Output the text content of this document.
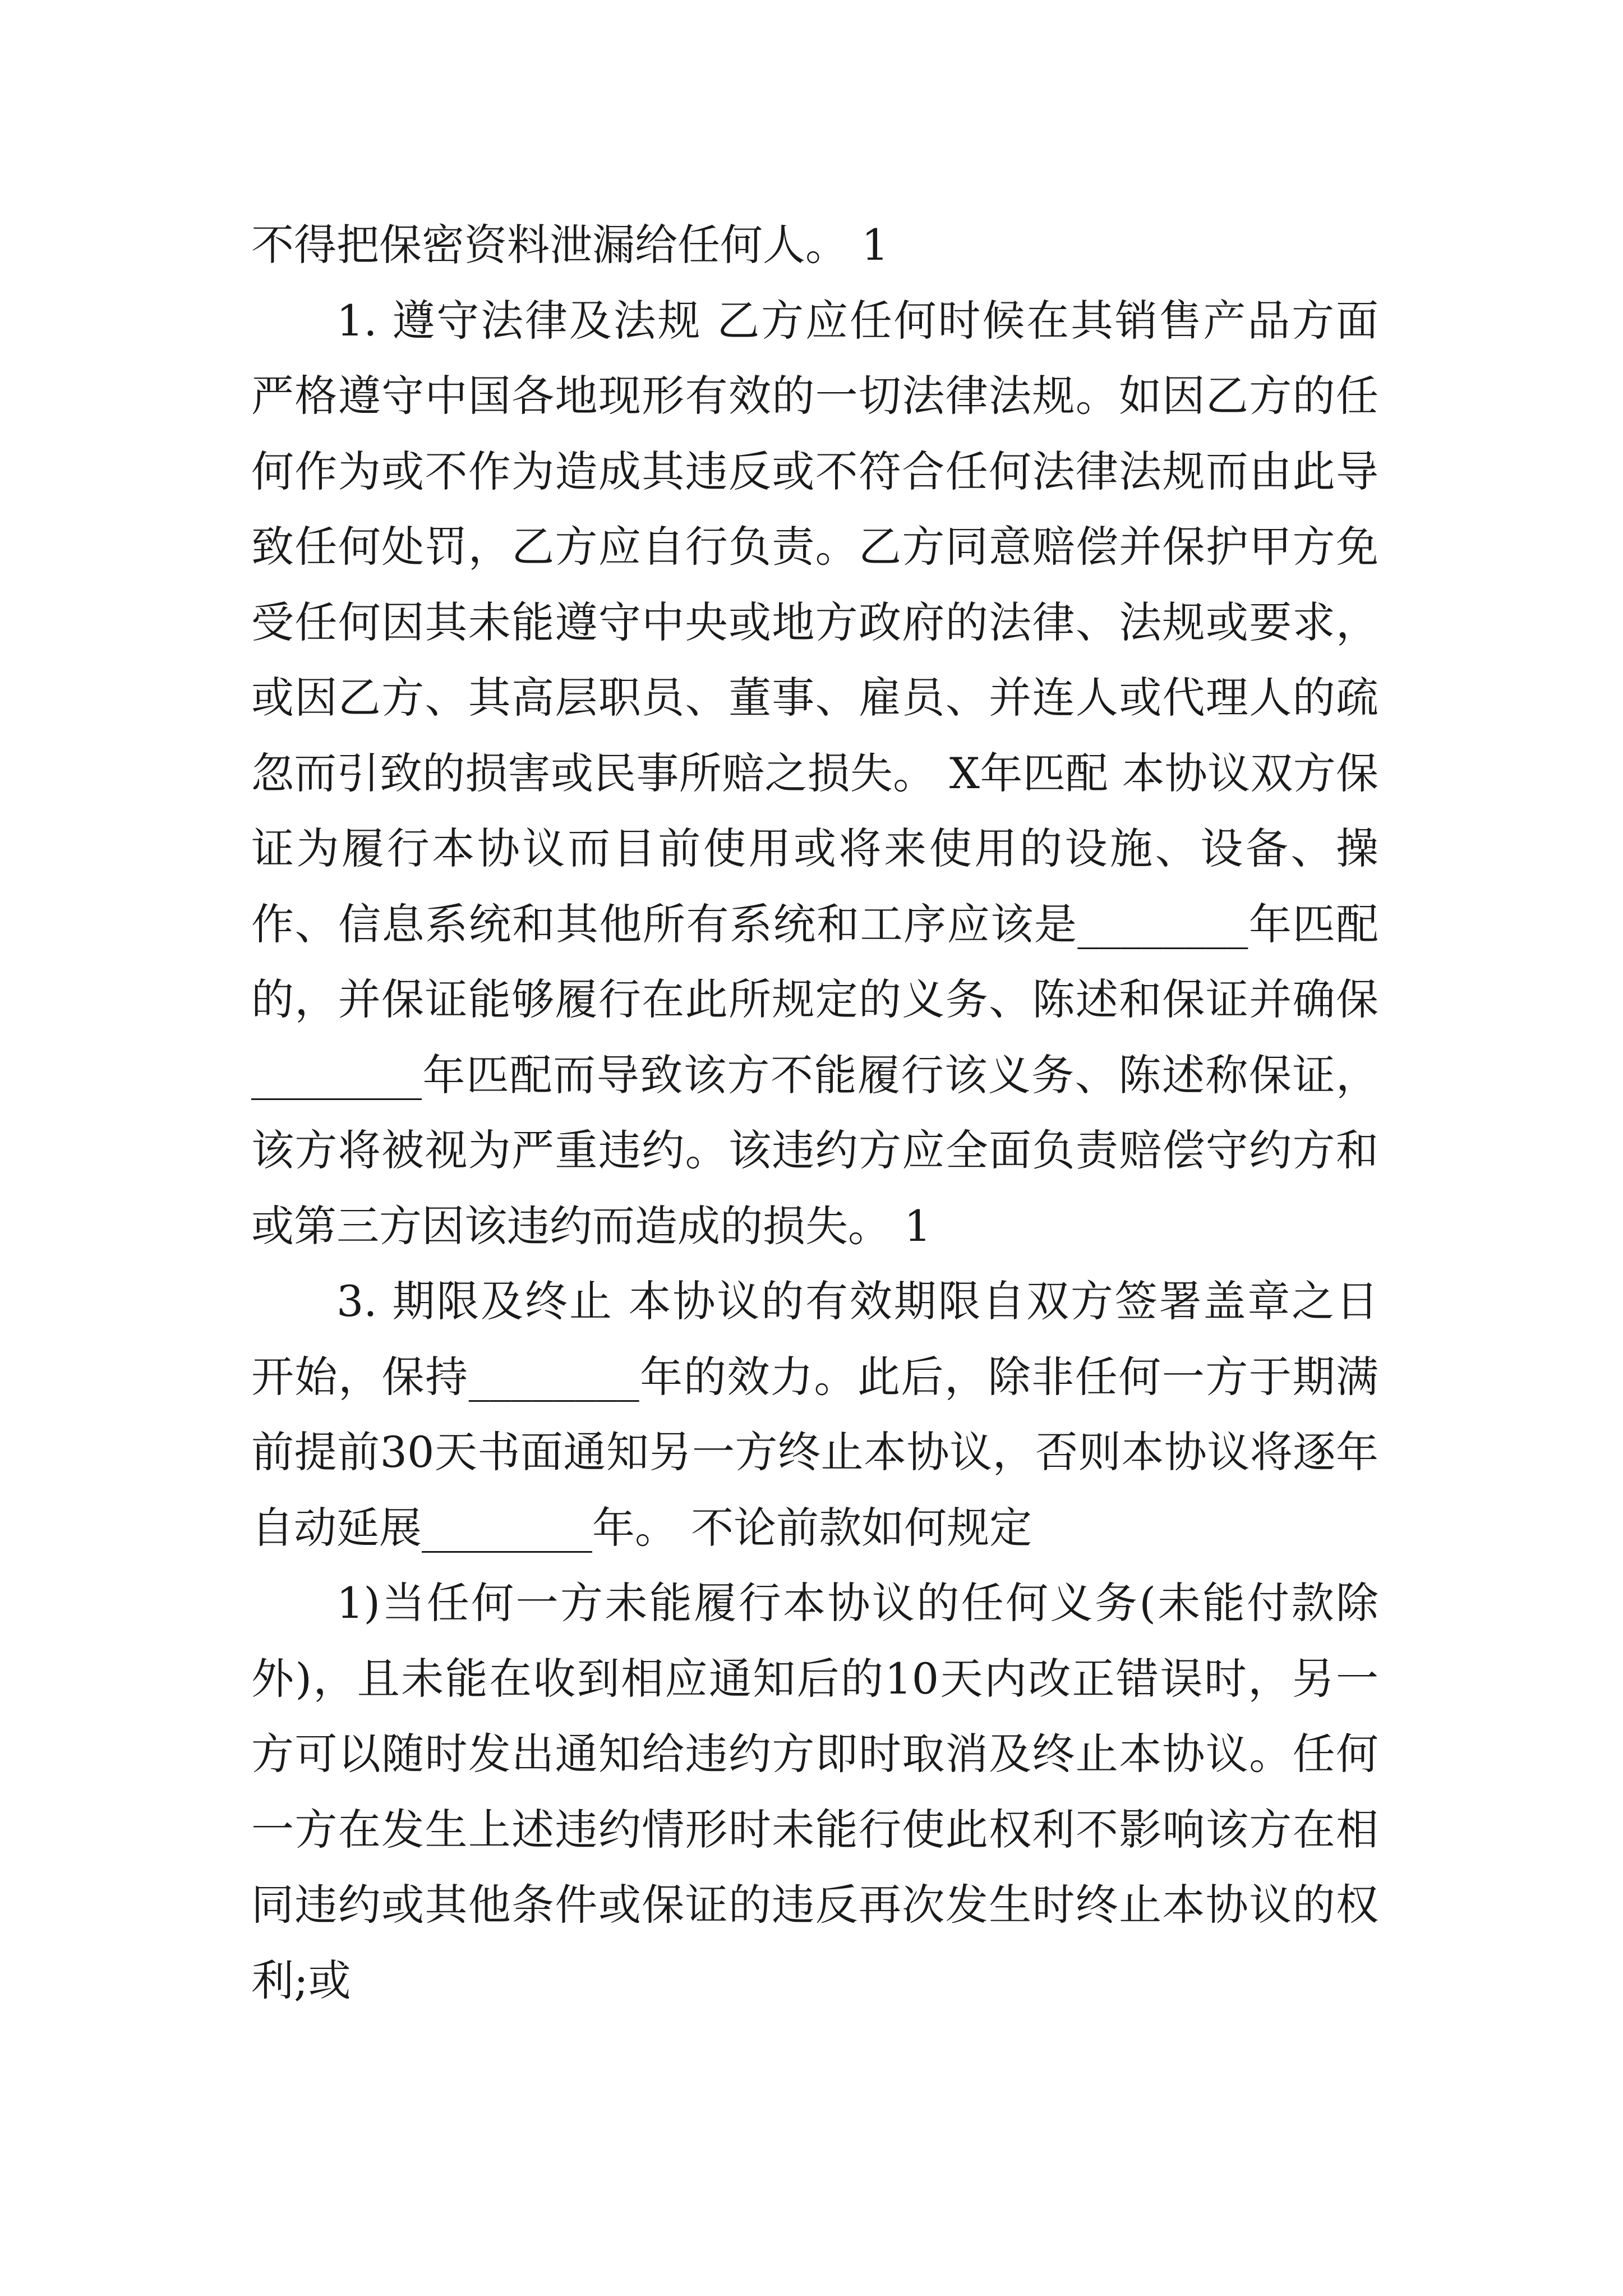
不得把保密资料泄漏给任何人。 1

1. 遵守法律及法规 乙方应任何时候在其销售产品方面严格遵守中国各地现形有效的一切法律法规。如因乙方的任何作为或不作为造成其违反或不符合任何法律法规而由此导致任何处罚，乙方应自行负责。乙方同意赔偿并保护甲方免受任何因其未能遵守中央或地方政府的法律、法规或要求，或因乙方、其高层职员、董事、雇员、并连人或代理人的疏忽而引致的损害或民事所赔之损失。 X年匹配 本协议双方保证为履行本协议而目前使用或将来使用的设施、设备、操作、信息系统和其他所有系统和工序应该是________年匹配的，并保证能够履行在此所规定的义务、陈述和保证并确保________年匹配而导致该方不能履行该义务、陈述称保证，该方将被视为严重违约。该违约方应全面负责赔偿守约方和或第三方因该违约而造成的损失。 1

3. 期限及终止 本协议的有效期限自双方签署盖章之日开始，保持________年的效力。此后，除非任何一方于期满前提前30天书面通知另一方终止本协议，否则本协议将逐年自动延展________年。 不论前款如何规定

1)当任何一方未能履行本协议的任何义务(未能付款除外)，且未能在收到相应通知后的10天内改正错误时，另一方可以随时发出通知给违约方即时取消及终止本协议。任何一方在发生上述违约情形时未能行使此权利不影响该方在相同违约或其他条件或保证的违反再次发生时终止本协议的权利;或
